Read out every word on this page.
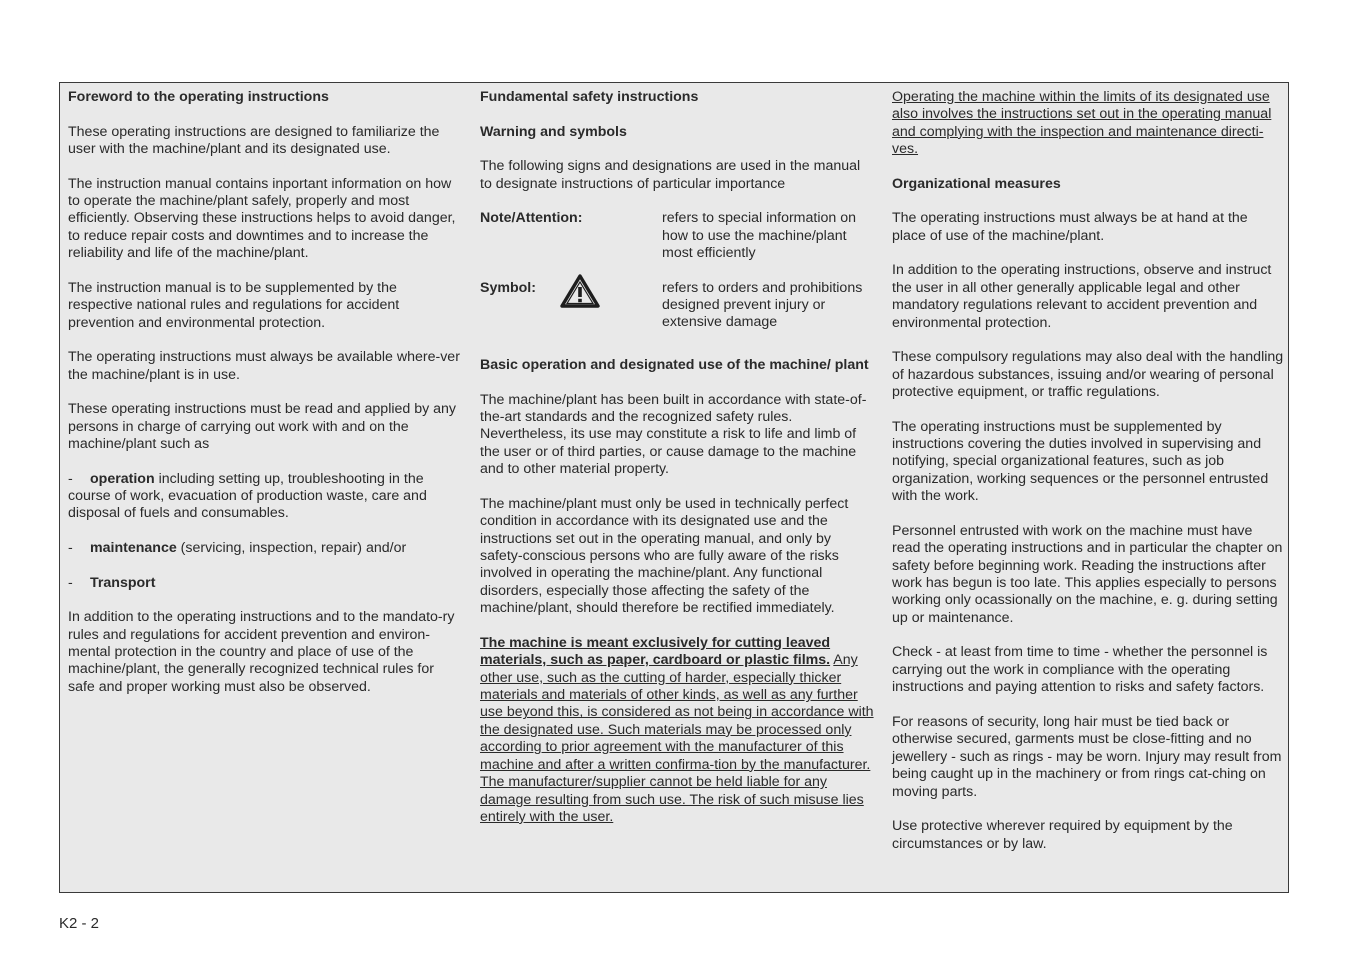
Foreword to the operating instructions

These operating instructions are designed to familiarize the user with the machine/plant and its designated use.

The instruction manual contains inportant information on how to operate the machine/plant safely, properly and most efficiently. Observing these instructions helps to avoid danger, to reduce repair costs and downtimes and to increase the reliability and life of the machine/plant.

The instruction manual is to be supplemented by the respective national rules and regulations for accident prevention and environmental protection.

The operating instructions must always be available where-ver the machine/plant is in use.

These operating instructions must be read and applied by any persons in charge of carrying out work with and on the machine/plant such as

- operation including setting up, troubleshooting in the course of work, evacuation of production waste, care and disposal of fuels and consumables.
- maintenance (servicing, inspection, repair) and/or
- Transport

In addition to the operating instructions and to the mandato-ry rules and regulations for accident prevention and environ-mental protection in the country and place of use of the machine/plant, the generally recognized technical rules for safe and proper working must also be observed.

Fundamental safety instructions
Warning and symbols

The following signs and designations are used in the manual to designate instructions of particular importance

Note/Attention:	refers to special information on how to use the machine/plant most efficiently
Symbol:	refers to orders and prohibitions designed prevent injury or extensive damage
Basic operation and designated use of the machine/ plant

The machine/plant has been built in accordance with state-of-the-art standards and the recognized safety rules. Nevertheless, its use may constitute a risk to life and limb of the user or of third parties, or cause damage to the machine and to other material property.

The machine/plant must only be used in technically perfect condition in accordance with its designated use and the instructions set out in the operating manual, and only by safety-conscious persons who are fully aware of the risks involved in operating the machine/plant. Any functional disorders, especially those affecting the safety of the machine/plant, should therefore be rectified immediately.

The machine is meant exclusively for cutting leaved materials, such as paper, cardboard or plastic films. Any other use, such as the cutting of harder, especially thicker materials and materials of other kinds, as well as any further use beyond this, is considered as not being in accordance with the designated use. Such materials may be processed only according to prior agreement with the manufacturer of this machine and after a written confirma-tion by the manufacturer. The manufacturer/supplier cannot be held liable for any damage resulting from such use. The risk of such misuse lies entirely with the user.

Operating the machine within the limits of its designated use also involves the instructions set out in the operating manual and complying with the inspection and maintenance directi-ves.

Organizational measures

The operating instructions must always be at hand at the place of use of the machine/plant.

In addition to the operating instructions, observe and instruct the user in all other generally applicable legal and other mandatory regulations relevant to accident prevention and environmental protection.

These compulsory regulations may also deal with the handling of hazardous substances, issuing and/or wearing of personal protective equipment, or traffic regulations.

The operating instructions must be supplemented by instructions covering the duties involved in supervising and notifying, special organizational features, such as job organization, working sequences or the personnel entrusted with the work.

Personnel entrusted with work on the machine must have read the operating instructions and in particular the chapter on safety before beginning work. Reading the instructions after work has begun is too late. This applies especially to persons working only ocassionally on the machine, e. g. during setting up or maintenance.

Check - at least from time to time - whether the personnel is carrying out the work in compliance with the operating instructions and paying attention to risks and safety factors.

For reasons of security, long hair must be tied back or otherwise secured, garments must be close-fitting and no jewellery - such as rings - may be worn. Injury may result from being caught up in the machinery or from rings cat-ching on moving parts.

Use protective wherever required by equipment by the circumstances or by law.

K2 - 2
